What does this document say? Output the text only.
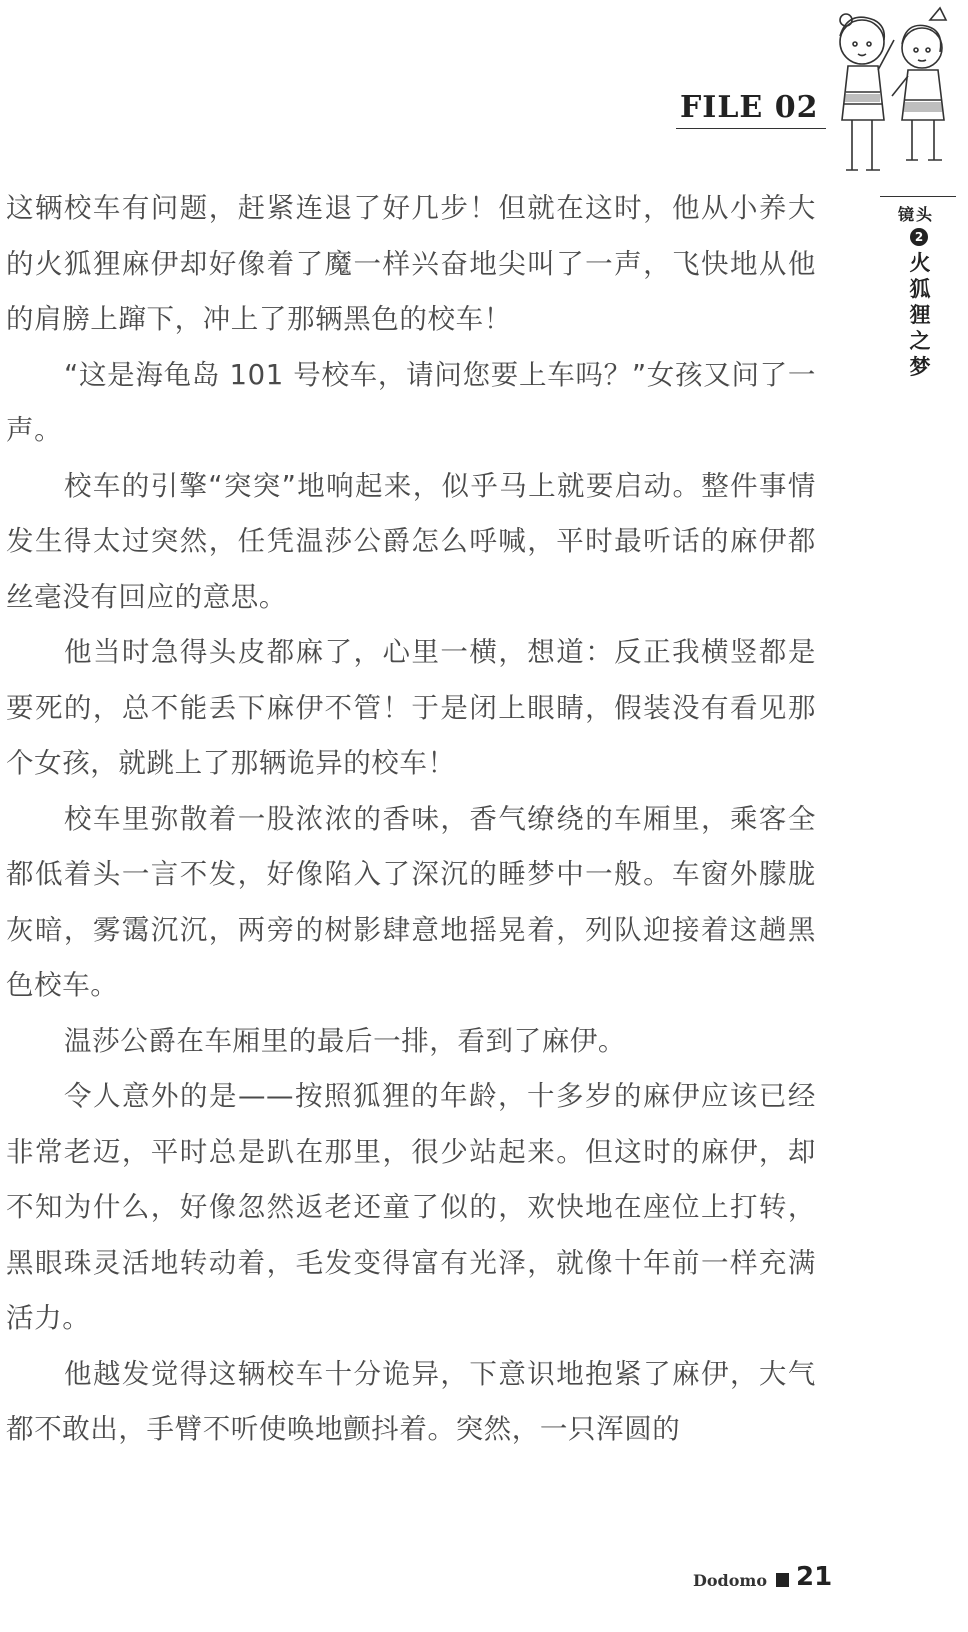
FILE 02
镜头
2
火狐狸之梦

这辆校车有问题，赶紧连退了好几步！但就在这时，他从小养大的火狐狸麻伊却好像着了魔一样兴奋地尖叫了一声，飞快地从他的肩膀上蹿下，冲上了那辆黑色的校车！

“这是海龟岛 101 号校车，请问您要上车吗？”女孩又问了一声。

校车的引擎“突突”地响起来，似乎马上就要启动。整件事情发生得太过突然，任凭温莎公爵怎么呼喊，平时最听话的麻伊都丝毫没有回应的意思。

他当时急得头皮都麻了，心里一横，想道：反正我横竖都是要死的，总不能丢下麻伊不管！于是闭上眼睛，假装没有看见那个女孩，就跳上了那辆诡异的校车！

校车里弥散着一股浓浓的香味，香气缭绕的车厢里，乘客全都低着头一言不发，好像陷入了深沉的睡梦中一般。车窗外朦胧灰暗，雾霭沉沉，两旁的树影肆意地摇晃着，列队迎接着这趟黑色校车。

温莎公爵在车厢里的最后一排，看到了麻伊。

令人意外的是——按照狐狸的年龄，十多岁的麻伊应该已经非常老迈，平时总是趴在那里，很少站起来。但这时的麻伊，却不知为什么，好像忽然返老还童了似的，欢快地在座位上打转，黑眼珠灵活地转动着，毛发变得富有光泽，就像十年前一样充满活力。

他越发觉得这辆校车十分诡异，下意识地抱紧了麻伊，大气都不敢出，手臂不听使唤地颤抖着。突然，一只浑圆的

Dodomo 21
